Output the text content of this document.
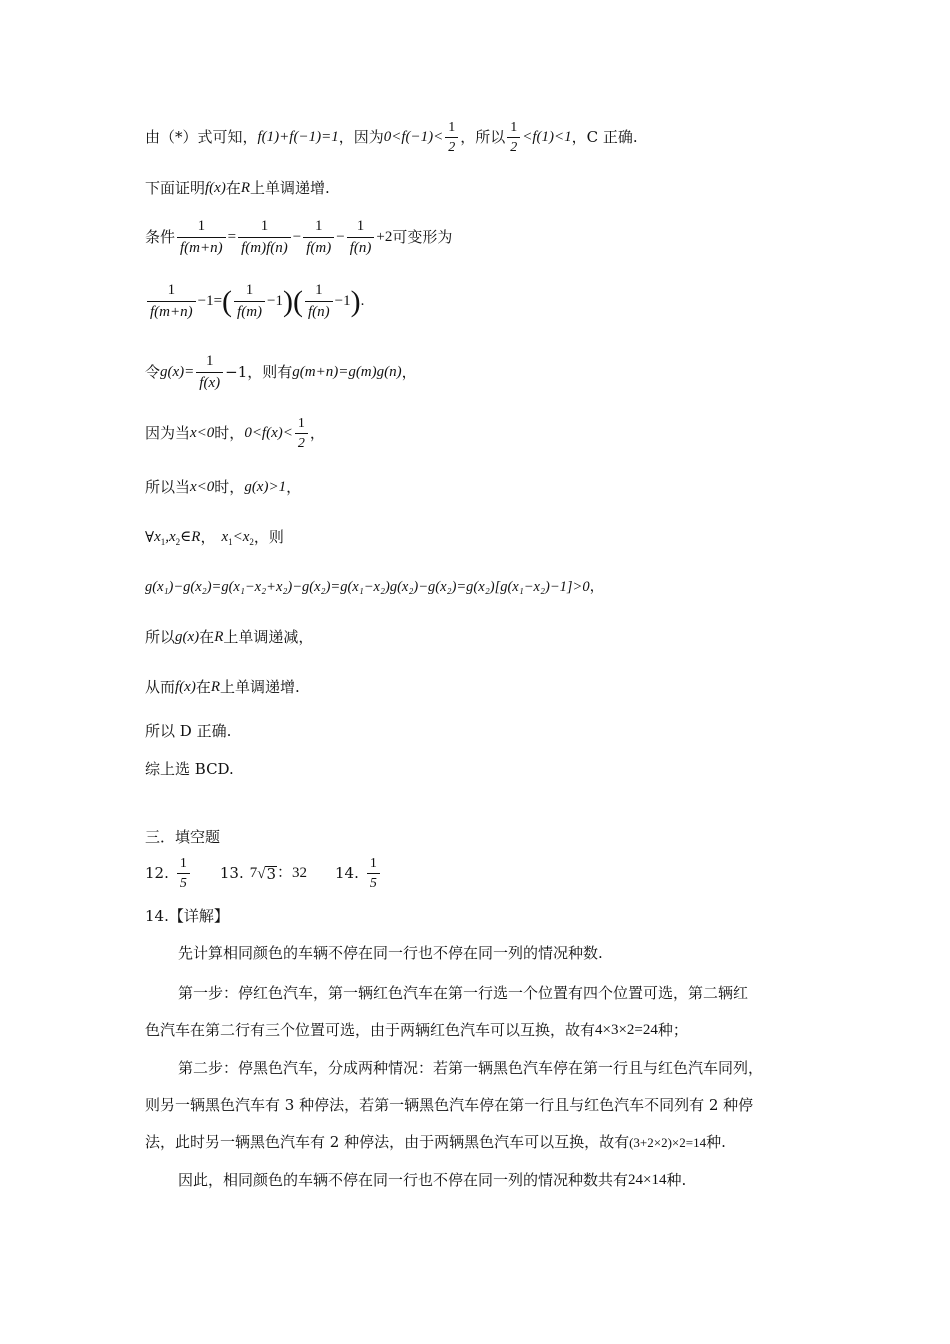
由（*）式可知， f(1)+f(−1)=1 ，因为 $0<f(-1)< \frac{1}{2}$ ，所以 $\frac{1}{2} <f(1)<1$ ，C 正确.
下面证明 f(x) 在 R 上单调递增.
条件 $\frac{1}{f(m+n)} = \frac{1}{f(m)f(n)} - \frac{1}{f(m)} - \frac{1}{f(n)} +2$ 可变形为
$\frac{1}{f(m+n)} -1=$ ( $\frac{1}{f(m)} -1$ )( $\frac{1}{f(n)} -1$ ) .
令 $g(x)= \frac{1}{f(x)} -1$，则有 g(m+n)=g(m)g(n) ，
因为当 x<0 时， $0<f(x)< \frac{1}{2}$ ，
所以当 x<0 时， g(x)>1 ，
∀ $x_1,x_2\in R$ ， $x_1<x_2$ ，则
g(x₁)−g(x₂)=g(x₁−x₂+x₂)−g(x₂)=g(x₁−x₂)g(x₂)−g(x₂)=g(x₂)[g(x₁−x₂)−1]>0 ，
所以 g(x) 在 R 上单调递减，
从而 f(x) 在 R 上单调递增.
所以 D 正确.
综上选 BCD.
三．填空题
12. $\frac{1}{5} 13$. 7 √ 3 ：32 14. $\frac{1}{5}$
14.【详解】
先计算相同颜色的车辆不停在同一行也不停在同一列的情况种数.
第一步：停红色汽车，第一辆红色汽车在第一行选一个位置有四个位置可选，第二辆红
色汽车在第二行有三个位置可选，由于两辆红色汽车可以互换，故有 4×3×2=24 种；
第二步：停黑色汽车，分成两种情况：若第一辆黑色汽车停在第一行且与红色汽车同列，
则另一辆黑色汽车有 3 种停法，若第一辆黑色汽车停在第一行且与红色汽车不同列有 2 种停
法，此时另一辆黑色汽车有 2 种停法，由于两辆黑色汽车可以互换，故有 (3+2×2)×2=14 种.
因此，相同颜色的车辆不停在同一行也不停在同一列的情况种数共有 24×14 种.
